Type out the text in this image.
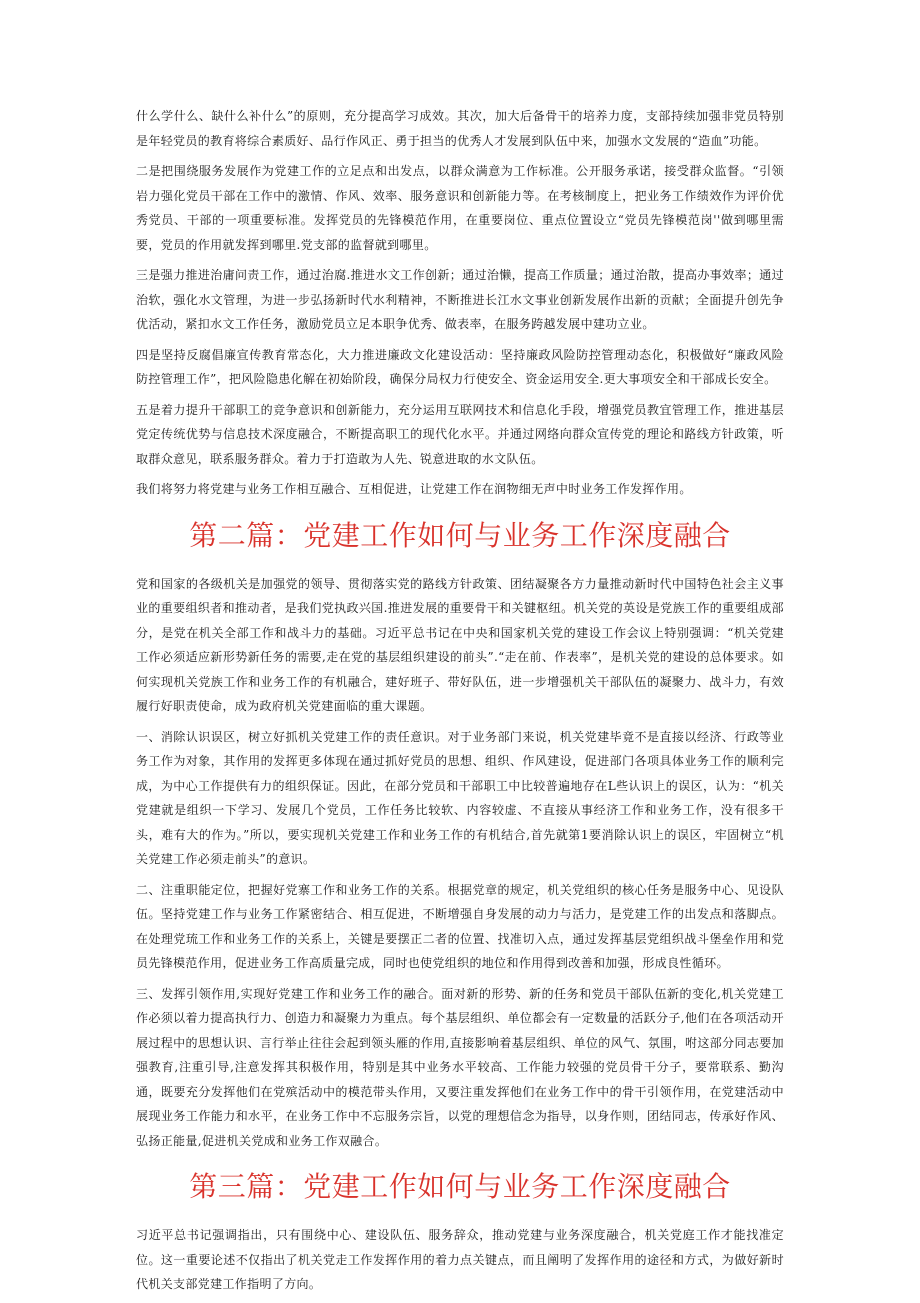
什么学什么、缺什么补什么”的原则，充分提高学习成效。其次，加大后备骨干的培养力度，支部持续加强非党员特别是年轻党员的教育将综合素质好、品行作风正、勇于担当的优秀人才发展到队伍中来，加强水文发展的“造血”功能。

二是把围绕服务发展作为党建工作的立足点和出发点，以群众满意为工作标准。公开服务承诺，接受群众监督。“引领岩力强化党员干部在工作中的激情、作风、效率、服务意识和创新能力等。在考核制度上，把业务工作绩效作为评价优秀党员、干部的一项重要标准。发挥党员的先锋模范作用，在重要岗位、重点位置设立“党员先锋模范岗''做到哪里需要，党员的作用就发挥到哪里.党支部的监督就到哪里。

三是强力推进治庸问责工作，通过治腐.推进水文工作创新；通过治懒，提高工作质量；通过治散，提高办事效率；通过治软，强化水文管理，为进一步弘扬新时代水利精神，不断推进长江水文事业创新发展作出新的贡献；全面提升创先争优活动，紧扣水文工作任务，激励党员立足本职争优秀、做表率，在服务跨越发展中建功立业。

四是坚持反腐倡廉宣传教育常态化，大力推进廉政文化建设活动：坚持廉政风险防控管理动态化，积极做好“廉政风险防控管理工作”，把风险隐患化解在初始阶段，确保分局权力行使安全、资金运用安全.更大事项安全和干部成长安全。

五是着力提升干部职工的竞争意识和创新能力，充分运用互联网技术和信息化手段，增强党员教宜管理工作，推进基层党定传统优势与信息技术深度融合，不断提高职工的现代化水平。并通过网络向群众宣传党的理论和路线方针政策，听取群众意见，联系服务群众。着力于打造敢为人先、锐意进取的水文队伍。

我们将努力将党建与业务工作相互融合、互相促进，让党建工作在润物细无声中时业务工作发挥作用。

第二篇：党建工作如何与业务工作深度融合

党和国家的各级机关是加强党的领导、贯彻落实党的路线方针政策、团结凝聚各方力量推动新时代中国特色社会主义事业的重要组织者和推动者，是我们党执政兴国.推进发展的重要骨干和关键枢纽。机关党的英设是党族工作的重要组成部分，是党在机关全部工作和战斗力的基础。习近平总书记在中央和国家机关党的建设工作会议上特别强调：“机关党建工作必须适应新形势新任务的需要,走在党的基层组织建设的前头”.“走在前、作表率”，是机关党的建设的总体要求。如何实现机关党族工作和业务工作的有机融合，建好班子、带好队伍，进一步增强机关干部队伍的凝聚力、战斗力，有效履行好职责使命，成为政府机关党建面临的重大课题。

一、消除认识误区，树立好抓机关党建工作的责任意识。对于业务部门来说，机关党建毕竟不是直接以经济、行政等业务工作为对象，其作用的发挥更多体现在通过抓好党员的思想、组织、作风建设，促进部门各项具体业务工作的顺利完成，为中心工作提供有力的组织保证。因此，在部分党员和干部职工中比较普遍地存在L些认识上的误区，认为：“机关党建就是组织一下学习、发展几个党员，工作任务比较软、内容较虚、不直接从事经济工作和业务工作，没有很多干头，难有大的作为。”所以，要实现机关党建工作和业务工作的有机结合,首先就第1要消除认识上的误区，牢固树立“机关党建工作必须走前头”的意识。

二、注重职能定位，把握好党寨工作和业务工作的关系。根据党章的规定，机关党组织的核心任务是服务中心、见设队伍。坚持党建工作与业务工作紧密结合、相互促进，不断增强自身发展的动力与活力，是党建工作的出发点和落脚点。在处理党琉工作和业务工作的关系上，关键是要摆正二者的位置、找准切入点，通过发挥基层党组织战斗堡垒作用和党员先锋模范作用，促进业务工作高质量完成，同时也使党组织的地位和作用得到改善和加强，形成良性循环。

三、发挥引领作用,实现好党建工作和业务工作的融合。面对新的形势、新的任务和党员干部队伍新的变化,机关党建工作必须以着力提高执行力、创造力和凝聚力为重点。每个基层组织、单位都会有一定数量的活跃分子,他们在各项活动开展过程中的思想认识、言行举止往往会起到领头雁的作用,直接影响着基层组织、单位的风气、氛围，咐这部分同志要加强教育,注重引导,注意发挥其积极作用，特别是其中业务水平较高、工作能力较强的党员骨干分子，要常联系、勤沟通，既要充分发挥他们在党殡活动中的模范带头作用，又要注重发挥他们在业务工作中的骨干引领作用，在党建活动中展现业务工作能力和水平，在业务工作中不忘服务宗旨，以党的理想信念为指导，以身作则，团结同志，传承好作风、弘扬正能量,促进机关党成和业务工作双融合。

第三篇：党建工作如何与业务工作深度融合

习近平总书记强调指出，只有围绕中心、建设队伍、服务辞众，推动党建与业务深度融合，机关党庭工作才能找准定位。这一重要论述不仅指出了机关党走工作发挥作用的着力点关键点，而且阐明了发挥作用的途径和方式，为做好新时代机关支部党建工作指明了方向。
